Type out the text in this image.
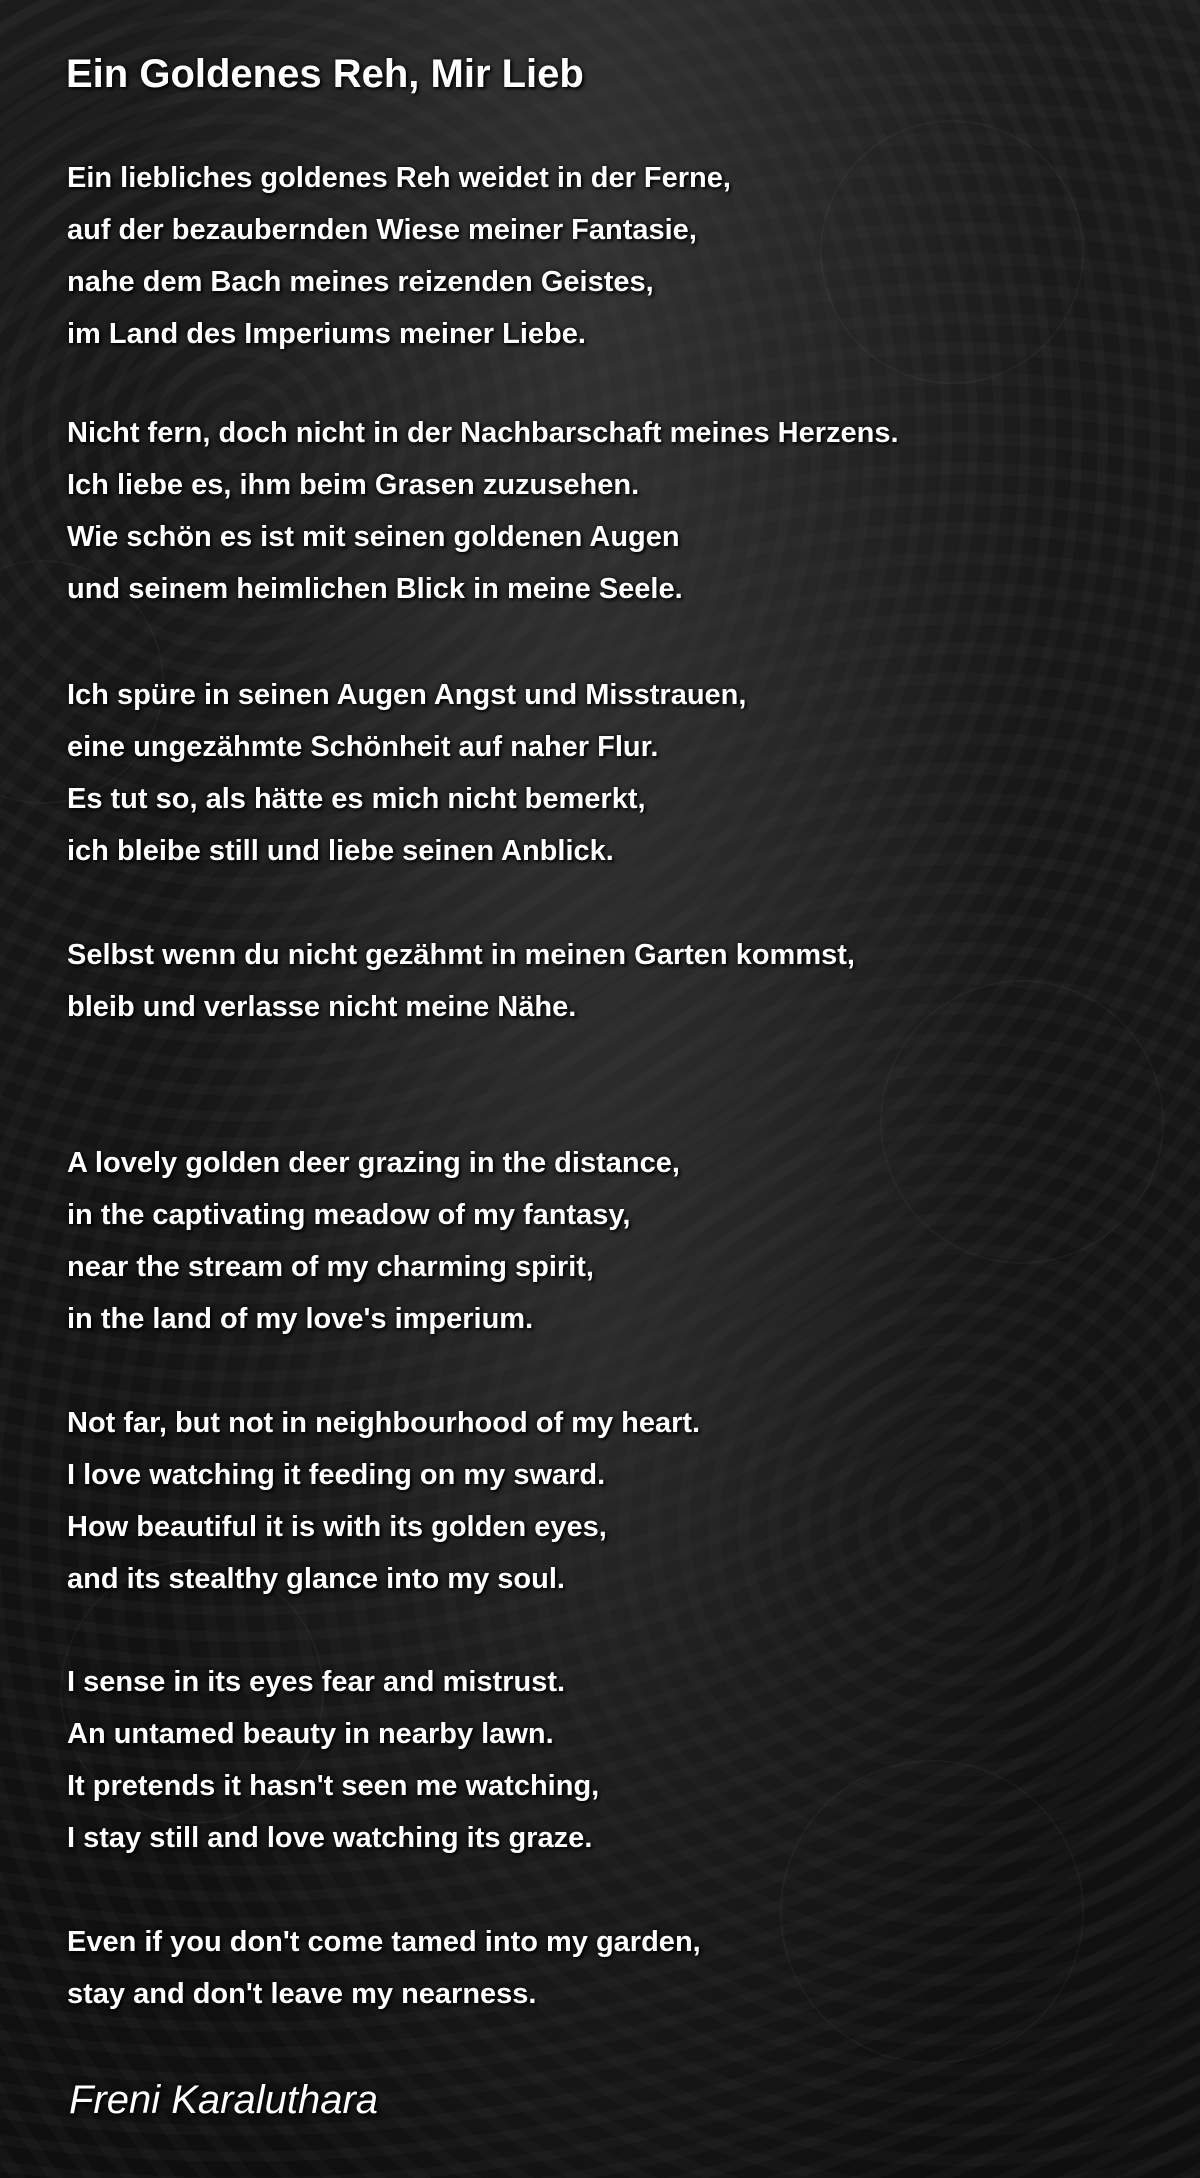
Ein Goldenes Reh, Mir Lieb
Ein liebliches goldenes Reh weidet in der Ferne,
auf der bezaubernden Wiese meiner Fantasie,
nahe dem Bach meines reizenden Geistes,
im Land des Imperiums meiner Liebe.
Nicht fern, doch nicht in der Nachbarschaft meines Herzens.
Ich liebe es, ihm beim Grasen zuzusehen.
Wie schön es ist mit seinen goldenen Augen
und seinem heimlichen Blick in meine Seele.
Ich spüre in seinen Augen Angst und Misstrauen,
eine ungezähmte Schönheit auf naher Flur.
Es tut so, als hätte es mich nicht bemerkt,
ich bleibe still und liebe seinen Anblick.
Selbst wenn du nicht gezähmt in meinen Garten kommst,
bleib und verlasse nicht meine Nähe.
A lovely golden deer grazing in the distance,
in the captivating meadow of my fantasy,
near the stream of my charming spirit,
in the land of my love's imperium.
Not far, but not in neighbourhood of my heart.
I love watching it feeding on my sward.
How beautiful it is with its golden eyes,
and its stealthy glance into my soul.
I sense in its eyes fear and mistrust.
An untamed beauty in nearby lawn.
It pretends it hasn't seen me watching,
I stay still and love watching its graze.
Even if you don't come tamed into my garden,
stay and don't leave my nearness.

Freni Karaluthara
